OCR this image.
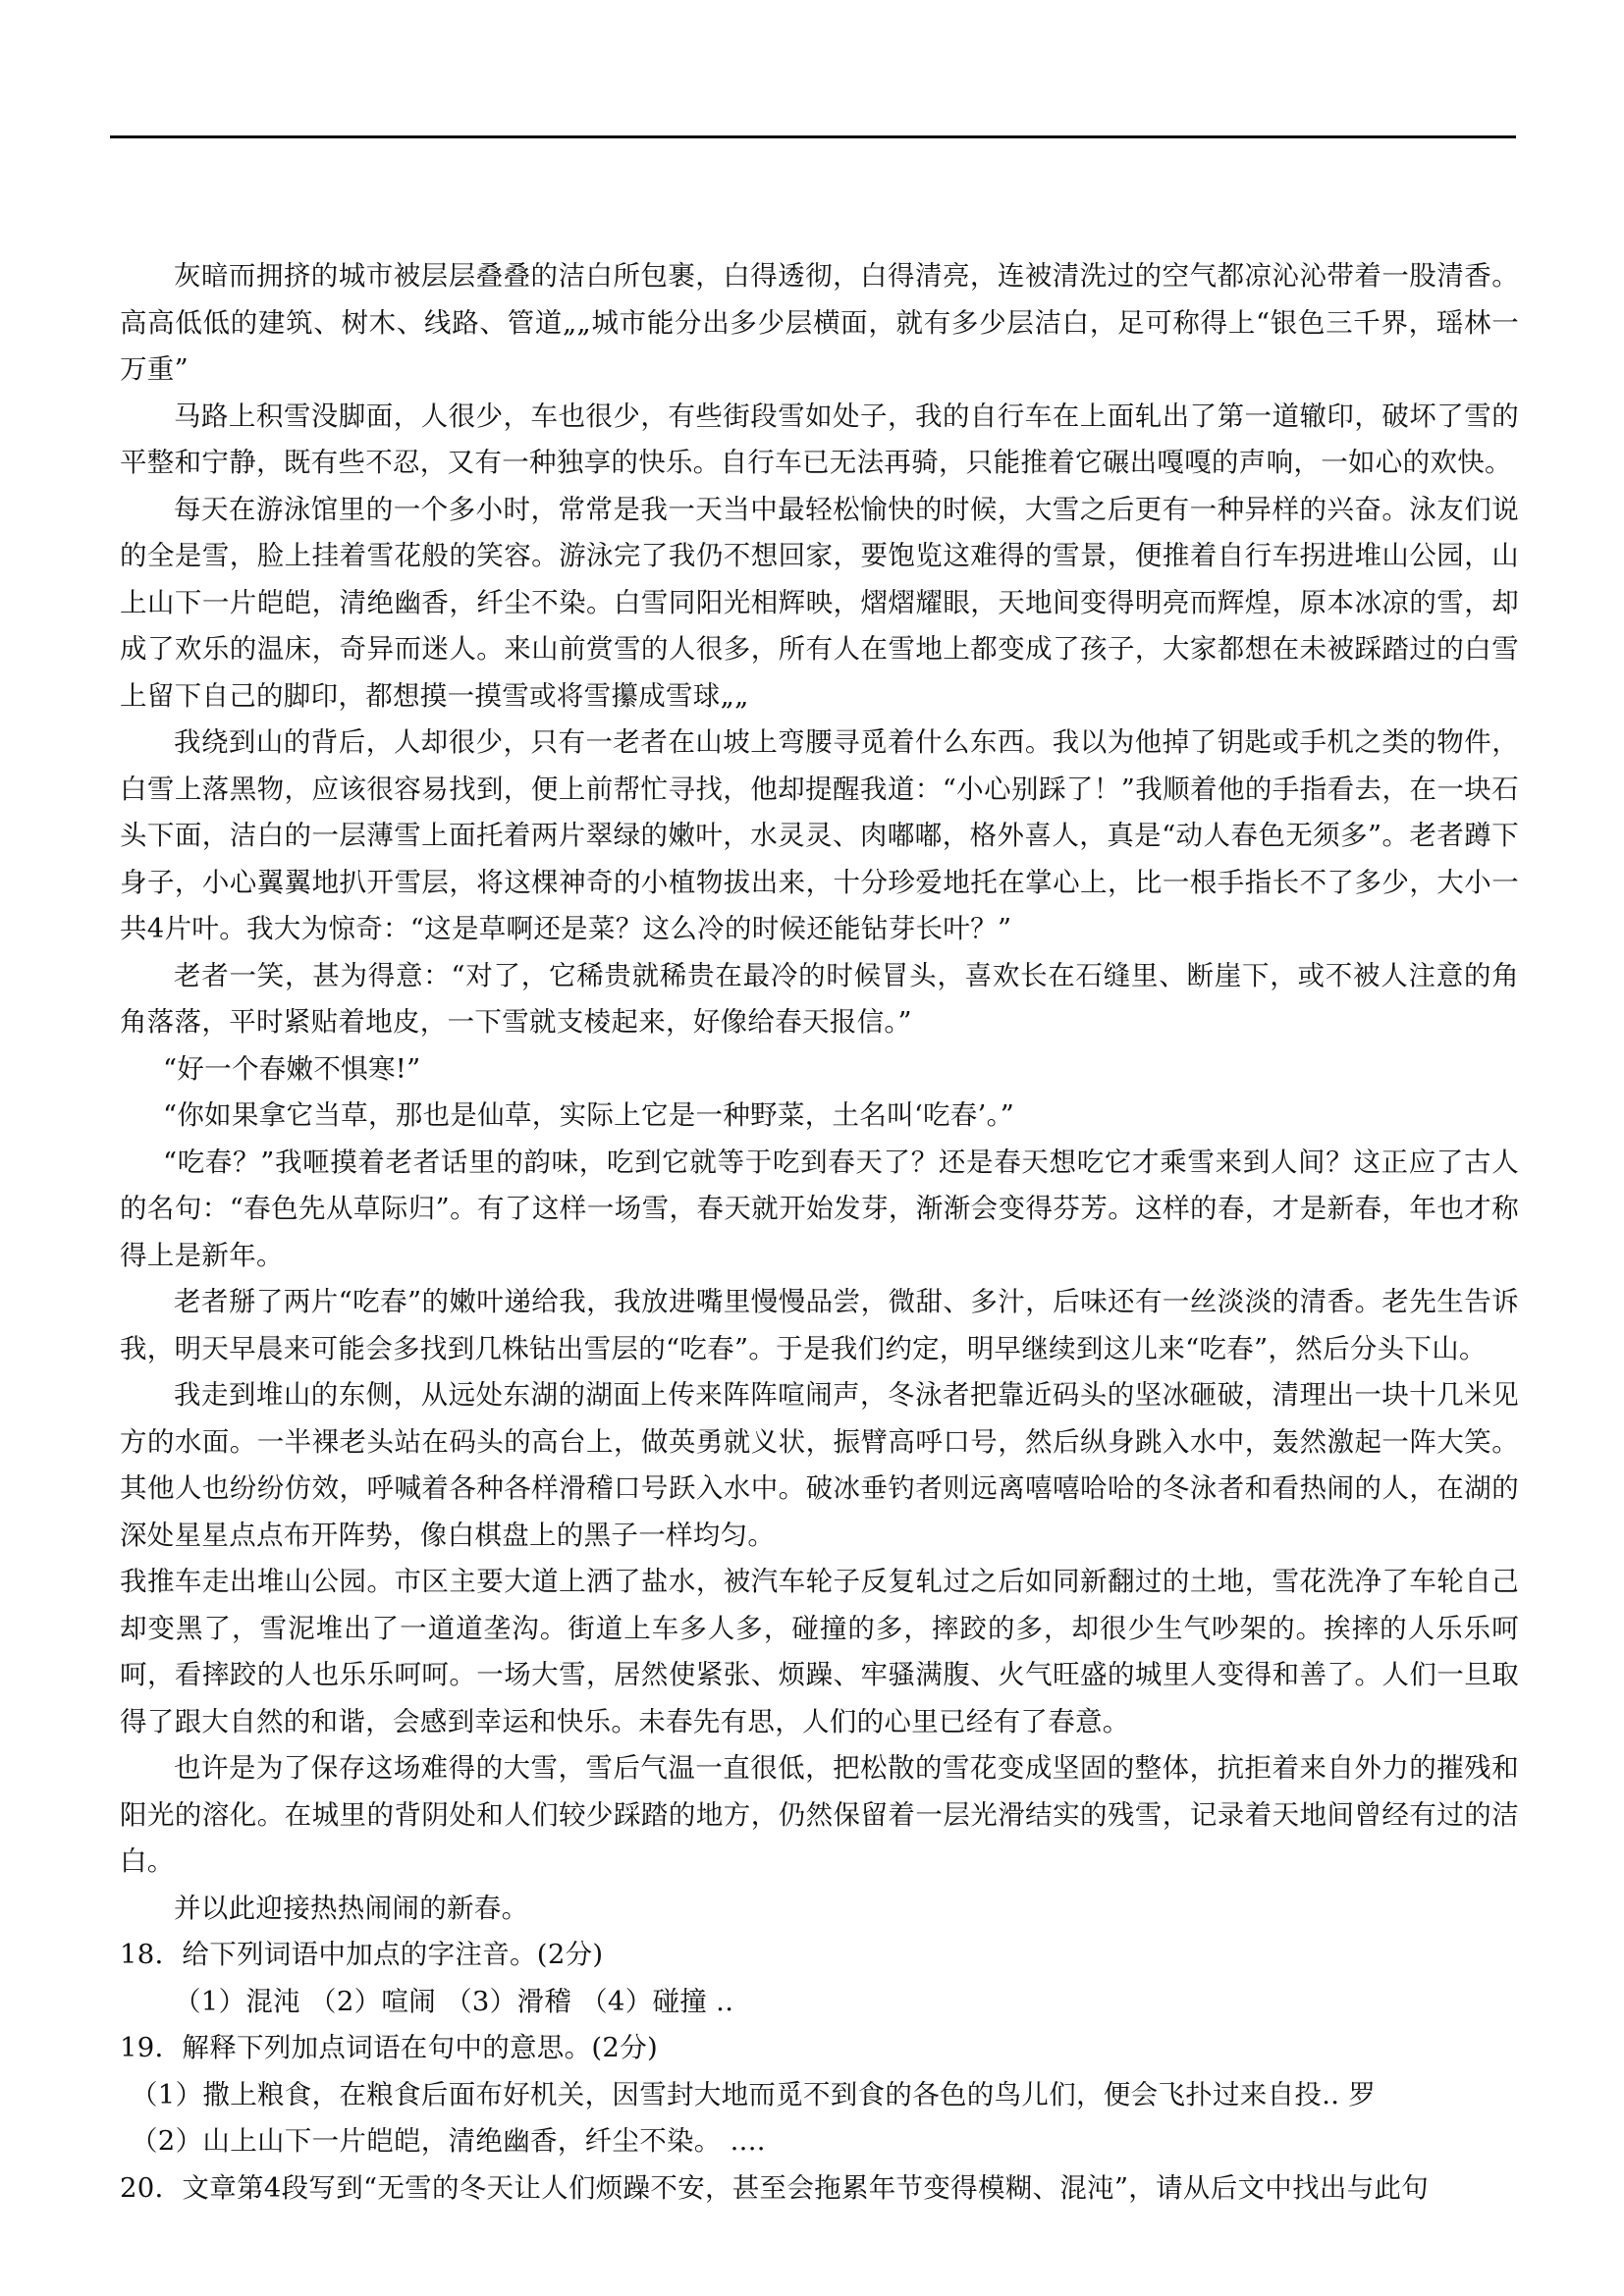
灰暗而拥挤的城市被层层叠叠的洁白所包裹，白得透彻，白得清亮，连被清洗过的空气都凉沁沁带着一股清香。高高低低的建筑、树木、线路、管道„„城市能分出多少层横面，就有多少层洁白，足可称得上“银色三千界，瑶林一万重”

马路上积雪没脚面，人很少，车也很少，有些街段雪如处子，我的自行车在上面轧出了第一道辙印，破坏了雪的平整和宁静，既有些不忍，又有一种独享的快乐。自行车已无法再骑，只能推着它碾出嘎嘎的声响，一如心的欢快。

每天在游泳馆里的一个多小时，常常是我一天当中最轻松愉快的时候，大雪之后更有一种异样的兴奋。泳友们说的全是雪，脸上挂着雪花般的笑容。游泳完了我仍不想回家，要饱览这难得的雪景，便推着自行车拐进堆山公园，山上山下一片皑皑，清绝幽香，纤尘不染。白雪同阳光相辉映，熠熠耀眼，天地间变得明亮而辉煌，原本冰凉的雪，却成了欢乐的温床，奇异而迷人。来山前赏雪的人很多，所有人在雪地上都变成了孩子，大家都想在未被踩踏过的白雪上留下自己的脚印，都想摸一摸雪或将雪攥成雪球„„

我绕到山的背后，人却很少，只有一老者在山坡上弯腰寻觅着什么东西。我以为他掉了钥匙或手机之类的物件，白雪上落黑物，应该很容易找到，便上前帮忙寻找，他却提醒我道：“小心别踩了！”我顺着他的手指看去，在一块石头下面，洁白的一层薄雪上面托着两片翠绿的嫩叶，水灵灵、肉嘟嘟，格外喜人，真是“动人春色无须多”。老者蹲下身子，小心翼翼地扒开雪层，将这棵神奇的小植物拔出来，十分珍爱地托在掌心上，比一根手指长不了多少，大小一共4片叶。我大为惊奇：“这是草啊还是菜？这么冷的时候还能钻芽长叶？”

老者一笑，甚为得意：“对了，它稀贵就稀贵在最冷的时候冒头，喜欢长在石缝里、断崖下，或不被人注意的角角落落，平时紧贴着地皮，一下雪就支棱起来，好像给春天报信。”

“好一个春嫩不惧寒!”

“你如果拿它当草，那也是仙草，实际上它是一种野菜，土名叫‘吃春’。”

“吃春？”我咂摸着老者话里的韵味，吃到它就等于吃到春天了？还是春天想吃它才乘雪来到人间？这正应了古人的名句：“春色先从草际归”。有了这样一场雪，春天就开始发芽，渐渐会变得芬芳。这样的春，才是新春，年也才称得上是新年。

老者掰了两片“吃春”的嫩叶递给我，我放进嘴里慢慢品尝，微甜、多汁，后味还有一丝淡淡的清香。老先生告诉我，明天早晨来可能会多找到几株钻出雪层的“吃春”。于是我们约定，明早继续到这儿来“吃春”，然后分头下山。

我走到堆山的东侧，从远处东湖的湖面上传来阵阵喧闹声，冬泳者把靠近码头的坚冰砸破，清理出一块十几米见方的水面。一半裸老头站在码头的高台上，做英勇就义状，振臂高呼口号，然后纵身跳入水中，轰然激起一阵大笑。其他人也纷纷仿效，呼喊着各种各样滑稽口号跃入水中。破冰垂钓者则远离嘻嘻哈哈的冬泳者和看热闹的人，在湖的深处星星点点布开阵势，像白棋盘上的黑子一样均匀。

我推车走出堆山公园。市区主要大道上洒了盐水，被汽车轮子反复轧过之后如同新翻过的土地，雪花洗净了车轮自己却变黑了，雪泥堆出了一道道垄沟。街道上车多人多，碰撞的多，摔跤的多，却很少生气吵架的。挨摔的人乐乐呵呵，看摔跤的人也乐乐呵呵。一场大雪，居然使紧张、烦躁、牢骚满腹、火气旺盛的城里人变得和善了。人们一旦取得了跟大自然的和谐，会感到幸运和快乐。未春先有思，人们的心里已经有了春意。

也许是为了保存这场难得的大雪，雪后气温一直很低，把松散的雪花变成坚固的整体，抗拒着来自外力的摧残和阳光的溶化。在城里的背阴处和人们较少踩踏的地方，仍然保留着一层光滑结实的残雪，记录着天地间曾经有过的洁白。

并以此迎接热热闹闹的新春。

18．给下列词语中加点的字注音。(2分)

（1）混沌 （2）喧闹 （3）滑稽 （4）碰撞 ..

19．解释下列加点词语在句中的意思。(2分)

（1）撒上粮食，在粮食后面布好机关，因雪封大地而觅不到食的各色的鸟儿们，便会飞扑过来自投.. 罗

（2）山上山下一片皑皑，清绝幽香，纤尘不染。 ....

20．文章第4段写到“无雪的冬天让人们烦躁不安，甚至会拖累年节变得模糊、混沌”，请从后文中找出与此句
